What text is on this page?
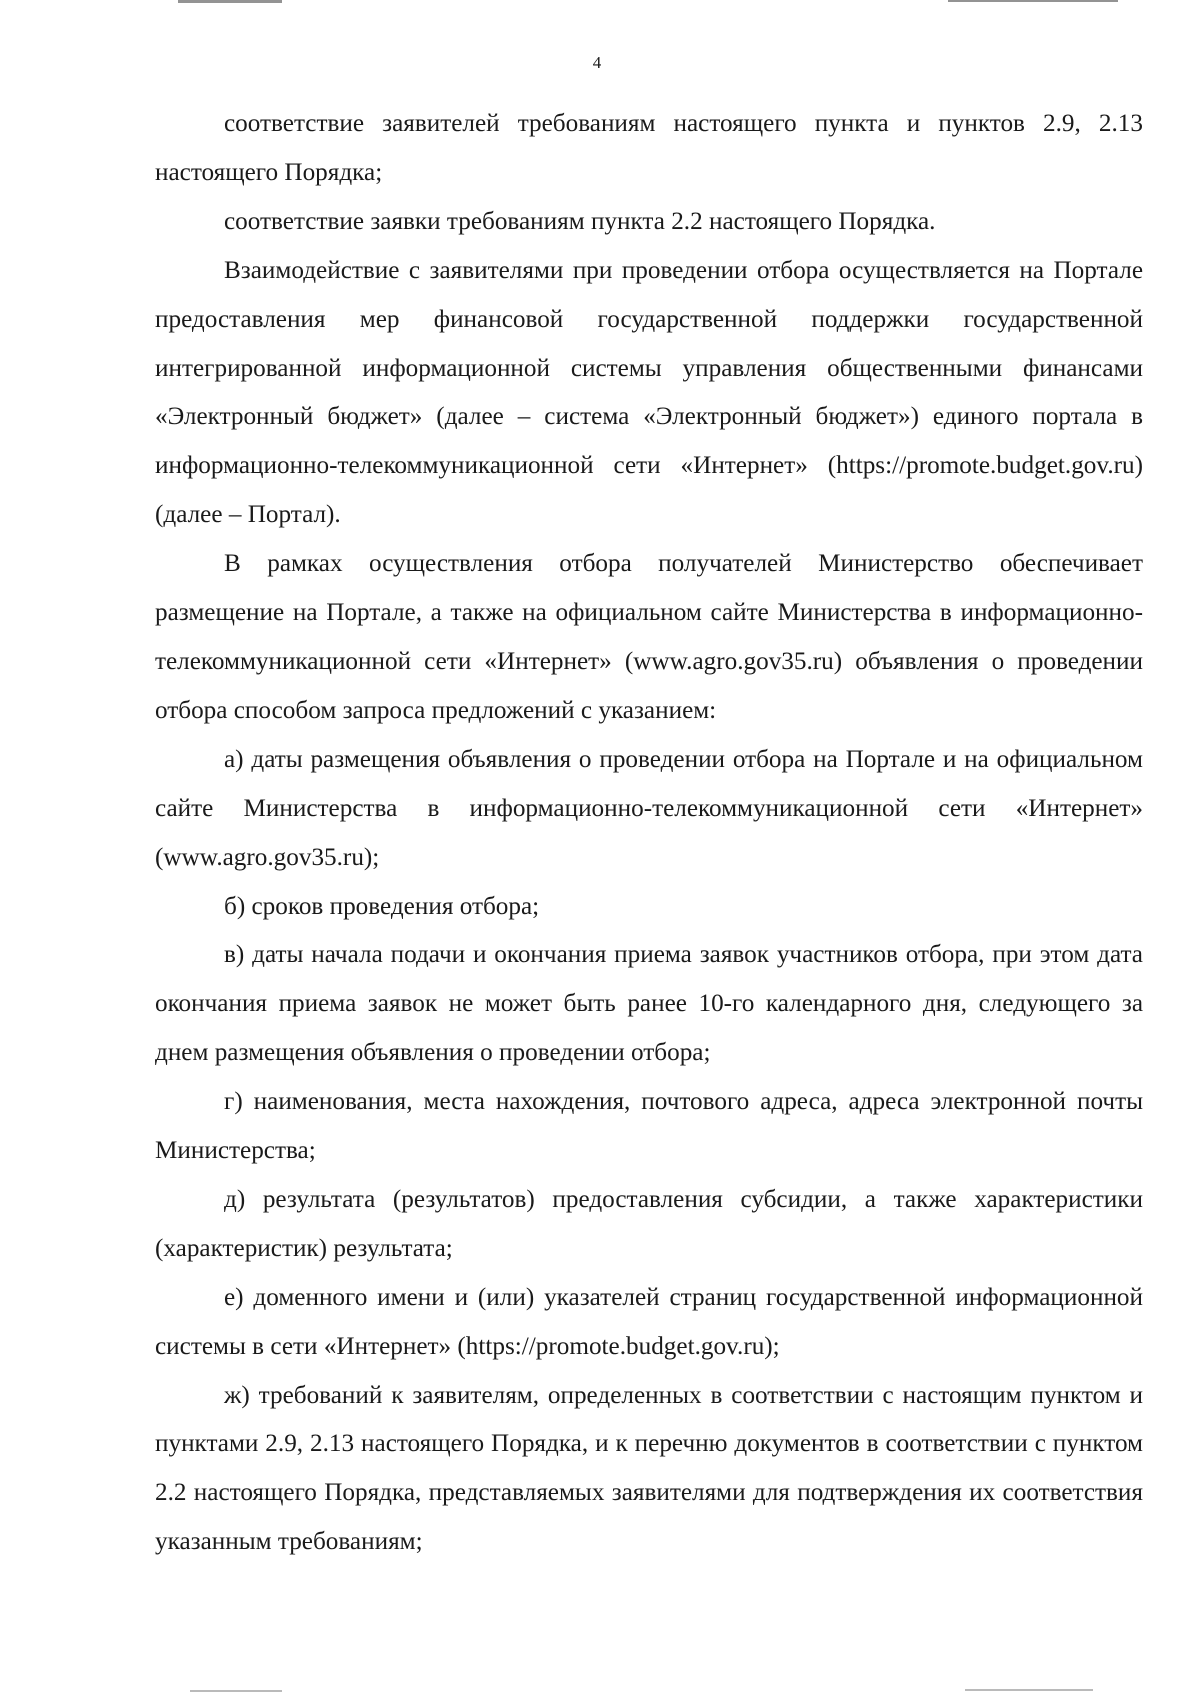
4

соответствие заявителей требованиям настоящего пункта и пунктов 2.9, 2.13 настоящего Порядка;

соответствие заявки требованиям пункта 2.2 настоящего Порядка.

Взаимодействие с заявителями при проведении отбора осуществляется на Портале предоставления мер финансовой государственной поддержки государственной интегрированной информационной системы управления общественными финансами «Электронный бюджет» (далее – система «Электронный бюджет») единого портала в информационно-телекоммуникационной сети «Интернет» (https://promote.budget.gov.ru) (далее – Портал).

В рамках осуществления отбора получателей Министерство обеспечивает размещение на Портале, а также на официальном сайте Министерства в информационно-телекоммуникационной сети «Интернет» (www.agro.gov35.ru) объявления о проведении отбора способом запроса предложений с указанием:

а) даты размещения объявления о проведении отбора на Портале и на официальном сайте Министерства в информационно-телекоммуникационной сети «Интернет» (www.agro.gov35.ru);

б) сроков проведения отбора;

в) даты начала подачи и окончания приема заявок участников отбора, при этом дата окончания приема заявок не может быть ранее 10-го календарного дня, следующего за днем размещения объявления о проведении отбора;

г) наименования, места нахождения, почтового адреса, адреса электронной почты Министерства;

д) результата (результатов) предоставления субсидии, а также характеристики (характеристик) результата;

е) доменного имени и (или) указателей страниц государственной информационной системы в сети «Интернет» (https://promote.budget.gov.ru);

ж) требований к заявителям, определенных в соответствии с настоящим пунктом и пунктами 2.9, 2.13 настоящего Порядка, и к перечню документов в соответствии с пунктом 2.2 настоящего Порядка, представляемых заявителями для подтверждения их соответствия указанным требованиям;
